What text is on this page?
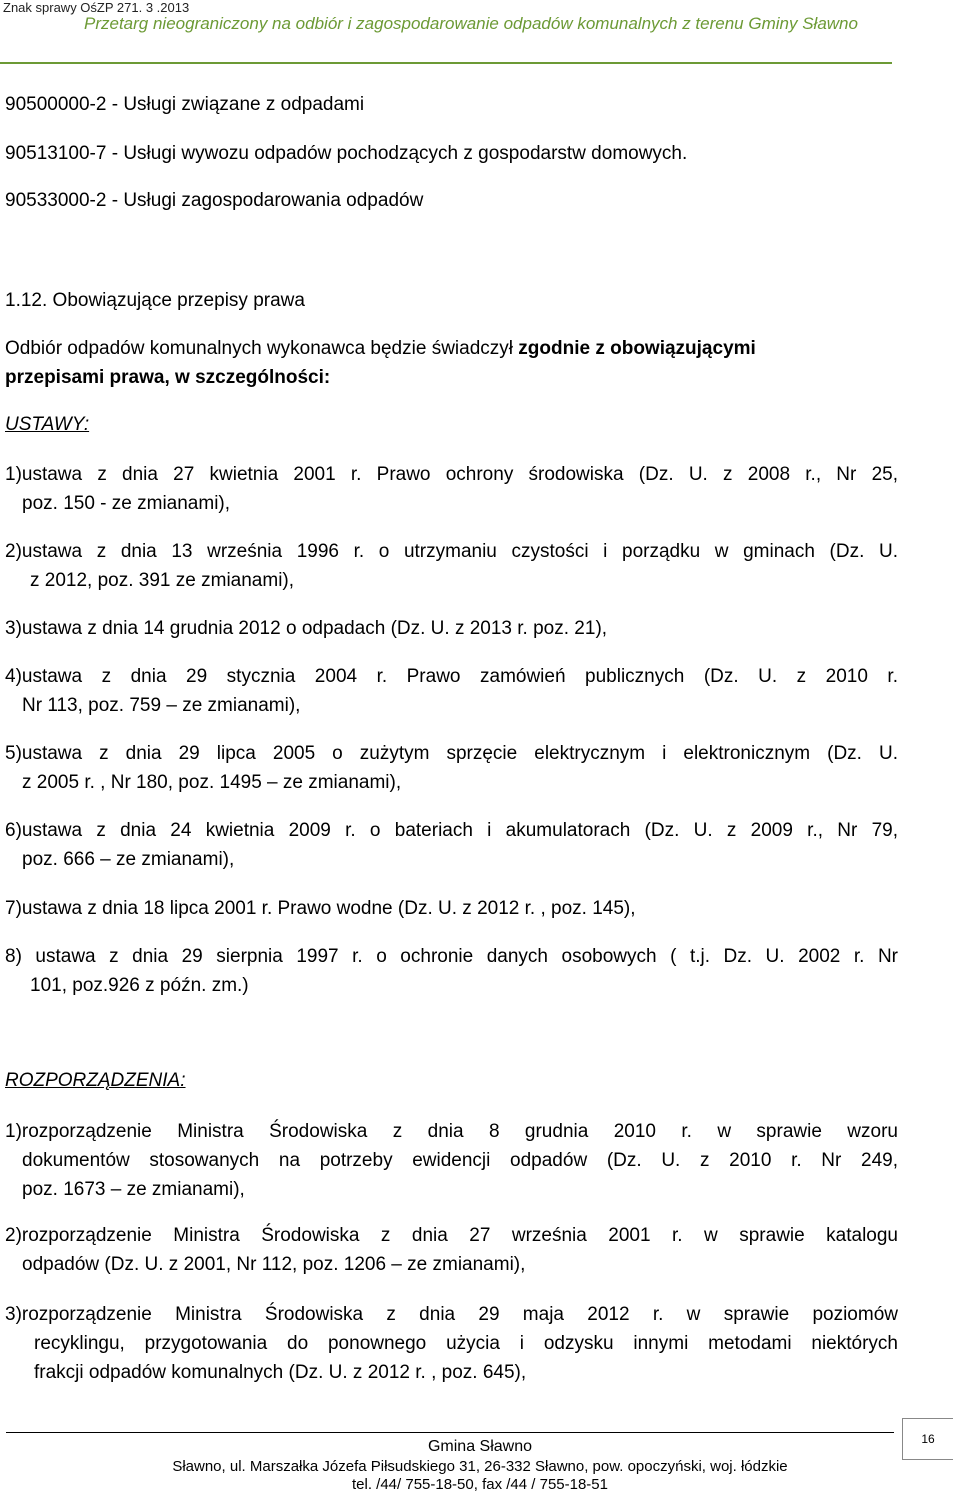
Znak sprawy OśZP 271. 3 .2013
Przetarg nieograniczony na odbiór i zagospodarowanie odpadów komunalnych z terenu Gminy Sławno
90500000-2 - Usługi związane z odpadami
90513100-7 - Usługi wywozu odpadów pochodzących z gospodarstw domowych.
90533000-2 - Usługi zagospodarowania odpadów
1.12. Obowiązujące przepisy prawa
Odbiór odpadów komunalnych wykonawca będzie świadczył zgodnie z obowiązującymi
przepisami prawa, w szczególności:
USTAWY:
1)ustawa z dnia 27 kwietnia 2001 r. Prawo ochrony środowiska (Dz. U. z 2008 r., Nr 25,
poz. 150 - ze zmianami),
2)ustawa z dnia 13 września 1996 r. o utrzymaniu czystości i porządku w gminach (Dz. U.
z 2012, poz. 391 ze zmianami),
3)ustawa z dnia 14 grudnia 2012 o odpadach (Dz. U. z 2013 r. poz. 21),
4)ustawa z dnia 29 stycznia 2004 r. Prawo zamówień publicznych (Dz. U. z 2010 r.
Nr 113, poz. 759 – ze zmianami),
5)ustawa z dnia 29 lipca 2005 o zużytym sprzęcie elektrycznym i elektronicznym (Dz. U.
z 2005 r. , Nr 180, poz. 1495 – ze zmianami),
6)ustawa z dnia 24 kwietnia 2009 r. o bateriach i akumulatorach (Dz. U. z 2009 r., Nr 79,
poz. 666 – ze zmianami),
7)ustawa z dnia 18 lipca 2001 r. Prawo wodne (Dz. U. z 2012 r. , poz. 145),
8) ustawa z dnia 29 sierpnia 1997 r. o ochronie danych osobowych ( t.j. Dz. U. 2002 r. Nr
101, poz.926 z późn. zm.)
ROZPORZĄDZENIA:
1)rozporządzenie Ministra Środowiska z dnia 8 grudnia 2010 r. w sprawie wzoru
dokumentów stosowanych na potrzeby ewidencji odpadów (Dz. U. z 2010 r. Nr 249,
poz. 1673 – ze zmianami),
2)rozporządzenie Ministra Środowiska z dnia 27 września 2001 r. w sprawie katalogu
odpadów (Dz. U. z 2001, Nr 112, poz. 1206 – ze zmianami),
3)rozporządzenie Ministra Środowiska z dnia 29 maja 2012 r. w sprawie poziomów
recyklingu, przygotowania do ponownego użycia i odzysku innymi metodami niektórych
frakcji odpadów komunalnych (Dz. U. z 2012 r. , poz. 645),
Gmina Sławno
Sławno, ul. Marszałka Józefa Piłsudskiego 31, 26-332 Sławno, pow. opoczyński, woj. łódzkie
tel. /44/ 755-18-50, fax /44 / 755-18-51
16
